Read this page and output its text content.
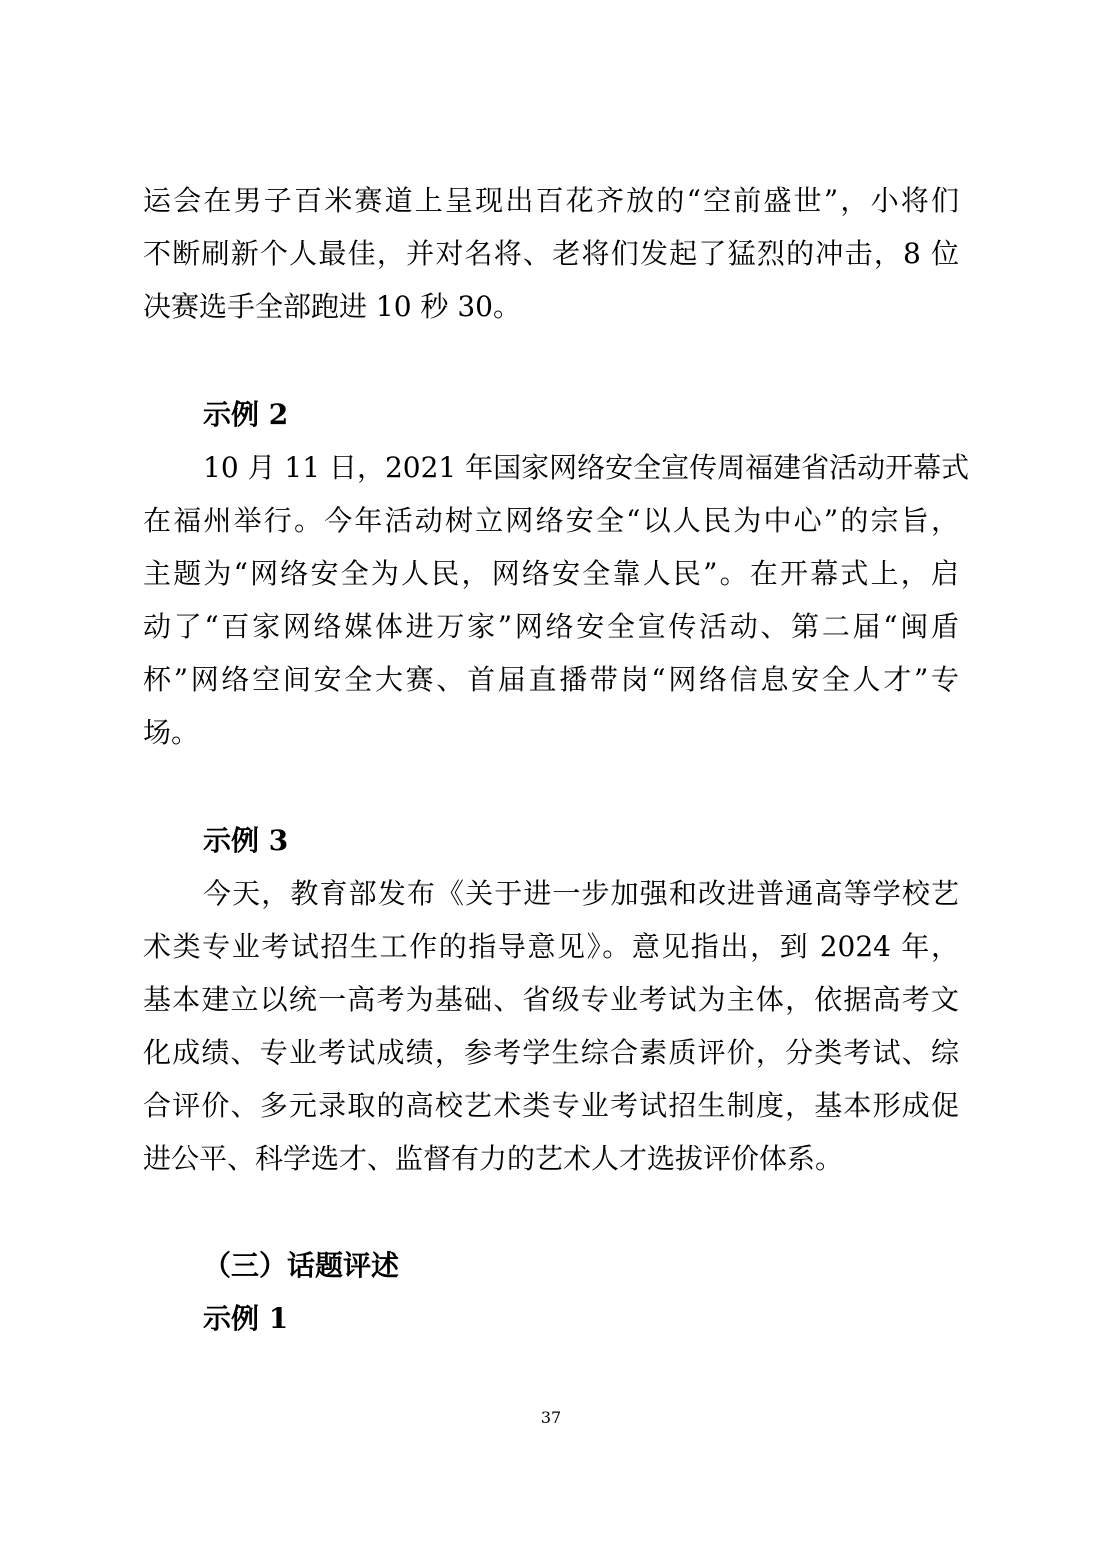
运会在男子百米赛道上呈现出百花齐放的“空前盛世”，小将们
不断刷新个人最佳，并对名将、老将们发起了猛烈的冲击，8 位
决赛选手全部跑进 10 秒 30。
示例 2
10 月 11 日，2021 年国家网络安全宣传周福建省活动开幕式
在福州举行。今年活动树立网络安全“以人民为中心”的宗旨，
主题为“网络安全为人民，网络安全靠人民”。在开幕式上，启
动了“百家网络媒体进万家”网络安全宣传活动、第二届“闽盾
杯”网络空间安全大赛、首届直播带岗“网络信息安全人才”专
场。
示例 3
今天，教育部发布《关于进一步加强和改进普通高等学校艺
术类专业考试招生工作的指导意见》。意见指出，到 2024 年，
基本建立以统一高考为基础、省级专业考试为主体，依据高考文
化成绩、专业考试成绩，参考学生综合素质评价，分类考试、综
合评价、多元录取的高校艺术类专业考试招生制度，基本形成促
进公平、科学选才、监督有力的艺术人才选拔评价体系。
（三）话题评述
示例 1
37
